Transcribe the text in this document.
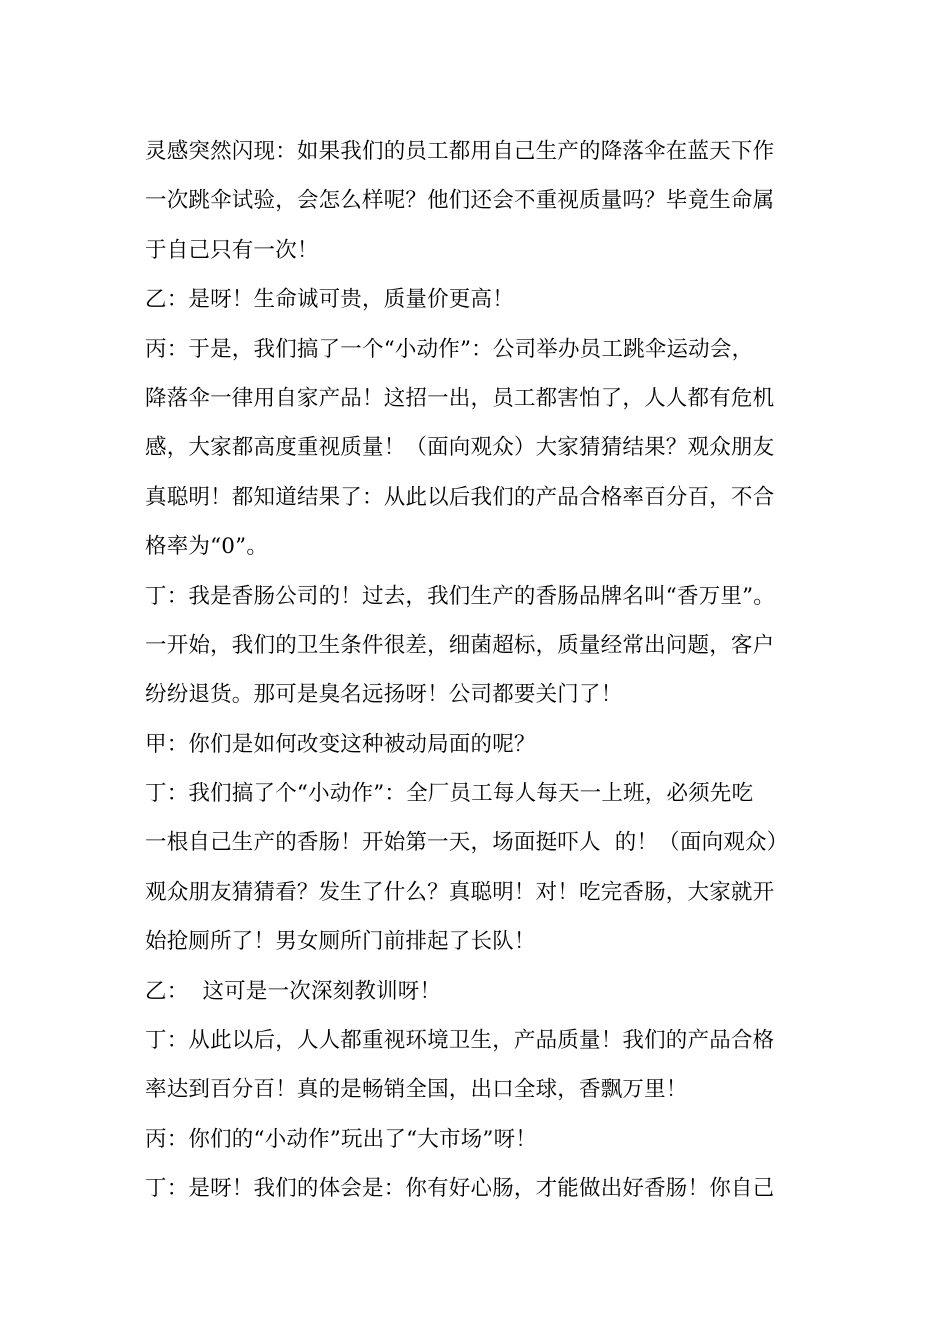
灵感突然闪现：如果我们的员工都用自己生产的降落伞在蓝天下作
一次跳伞试验，会怎么样呢？他们还会不重视质量吗？毕竟生命属
于自己只有一次！
乙：是呀！生命诚可贵，质量价更高！
丙：于是，我们搞了一个“小动作”：公司举办员工跳伞运动会，
降落伞一律用自家产品！这招一出，员工都害怕了，人人都有危机
感，大家都高度重视质量！（面向观众）大家猜猜结果？观众朋友
真聪明！都知道结果了：从此以后我们的产品合格率百分百，不合
格率为“0”。
丁：我是香肠公司的！过去，我们生产的香肠品牌名叫“香万里”。
一开始，我们的卫生条件很差，细菌超标，质量经常出问题，客户
纷纷退货。那可是臭名远扬呀！公司都要关门了！
甲：你们是如何改变这种被动局面的呢？
丁：我们搞了个“小动作”：全厂员工每人每天一上班，必须先吃
一根自己生产的香肠！开始第一天，场面挺吓人  的！（面向观众）
观众朋友猜猜看？发生了什么？真聪明！对！吃完香肠，大家就开
始抢厕所了！男女厕所门前排起了长队！
乙：  这可是一次深刻教训呀！
丁：从此以后，人人都重视环境卫生，产品质量！我们的产品合格
率达到百分百！真的是畅销全国，出口全球，香飘万里！
丙：你们的“小动作”玩出了“大市场”呀！
丁：是呀！我们的体会是：你有好心肠，才能做出好香肠！你自己
